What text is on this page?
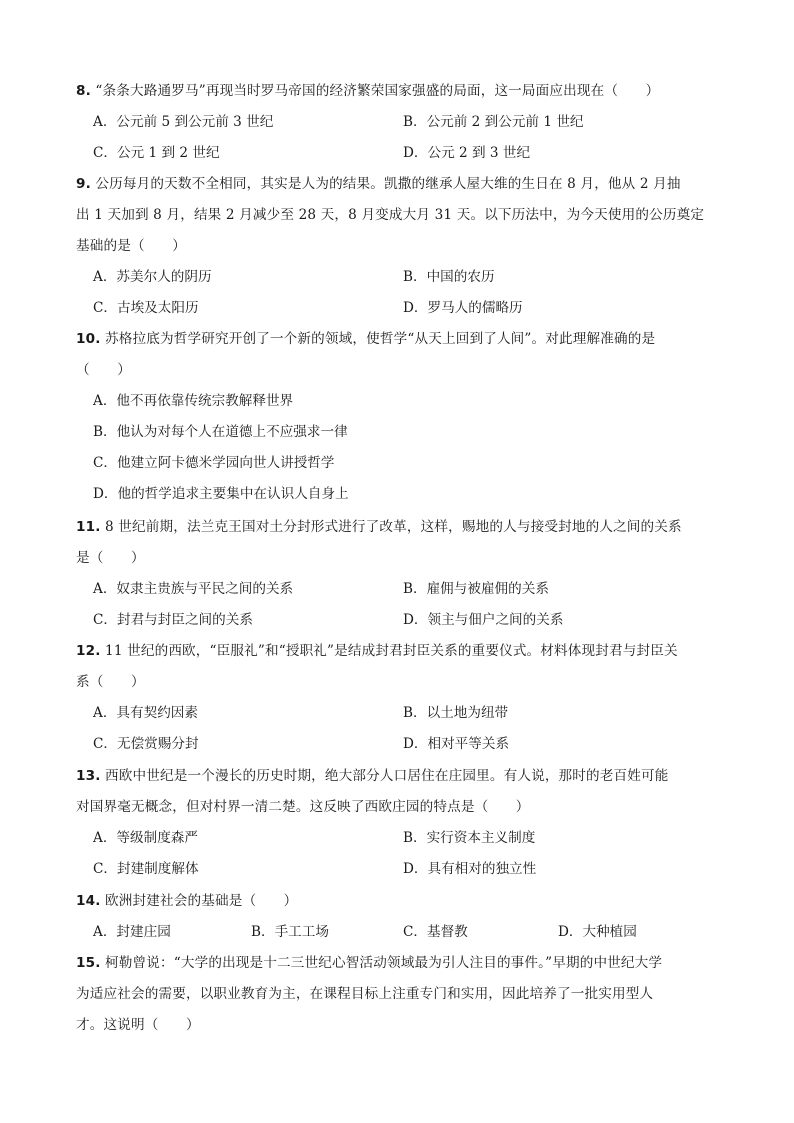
8. “条条大路通罗马”再现当时罗马帝国的经济繁荣国家强盛的局面，这一局面应出现在（　　）
A．公元前 5 到公元前 3 世纪	B．公元前 2 到公元前 1 世纪
C．公元 1 到 2 世纪	D．公元 2 到 3 世纪
9. 公历每月的天数不全相同，其实是人为的结果。凯撒的继承人屋大维的生日在 8 月，他从 2 月抽
出 1 天加到 8 月，结果 2 月减少至 28 天，8 月变成大月 31 天。以下历法中，为今天使用的公历奠定
基础的是（　　）
A．苏美尔人的阴历	B．中国的农历
C．古埃及太阳历	D．罗马人的儒略历
10. 苏格拉底为哲学研究开创了一个新的领域，使哲学“从天上回到了人间”。对此理解准确的是
（　　）
A．他不再依靠传统宗教解释世界
B．他认为对每个人在道德上不应强求一律
C．他建立阿卡德米学园向世人讲授哲学
D．他的哲学追求主要集中在认识人自身上
11. 8 世纪前期，法兰克王国对土分封形式进行了改革，这样，赐地的人与接受封地的人之间的关系
是（　　）
A．奴隶主贵族与平民之间的关系	B．雇佣与被雇佣的关系
C．封君与封臣之间的关系	D．领主与佃户之间的关系
12. 11 世纪的西欧，“臣服礼”和“授职礼”是结成封君封臣关系的重要仪式。材料体现封君与封臣关
系（　　）
A．具有契约因素	B．以土地为纽带
C．无偿赏赐分封	D．相对平等关系
13. 西欧中世纪是一个漫长的历史时期，绝大部分人口居住在庄园里。有人说，那时的老百姓可能
对国界毫无概念，但对村界一清二楚。这反映了西欧庄园的特点是（　　）
A．等级制度森严	B．实行资本主义制度
C．封建制度解体	D．具有相对的独立性
14. 欧洲封建社会的基础是（　　）
A．封建庄园	B．手工工场	C．基督教	D．大种植园
15. 柯勒曾说：“大学的出现是十二三世纪心智活动领域最为引人注目的事件。”早期的中世纪大学
为适应社会的需要，以职业教育为主，在课程目标上注重专门和实用，因此培养了一批实用型人
才。这说明（　　）
